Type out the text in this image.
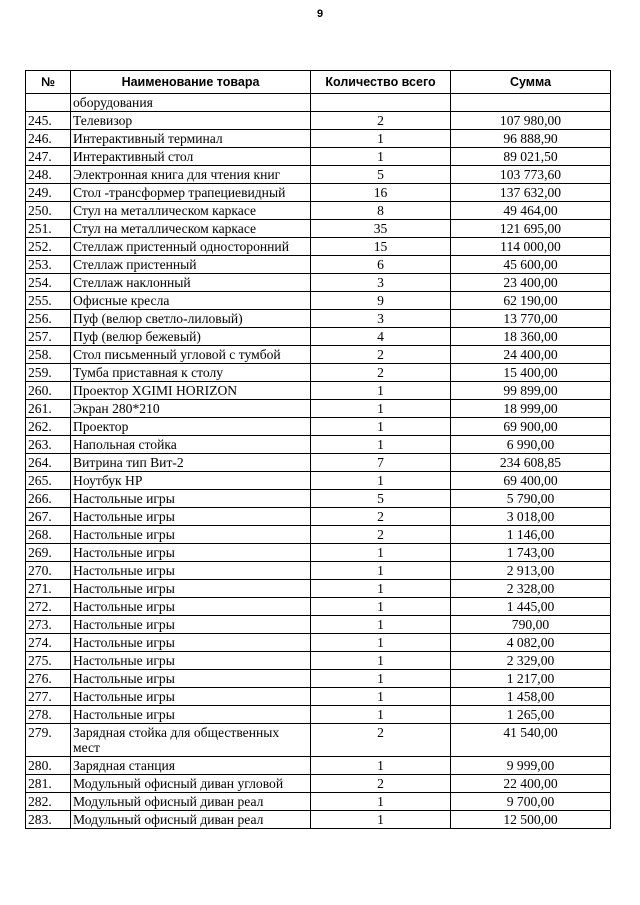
9
№	Наименование товара	Количество всего	Сумма
	оборудования		
245.	Телевизор	2	107 980,00
246.	Интерактивный терминал	1	96 888,90
247.	Интерактивный стол	1	89 021,50
248.	Электронная книга для чтения книг	5	103 773,60
249.	Стол -трансформер трапециевидный	16	137 632,00
250.	Стул на металлическом каркасе	8	49 464,00
251.	Стул на металлическом каркасе	35	121 695,00
252.	Стеллаж пристенный односторонний	15	114 000,00
253.	Стеллаж пристенный	6	45 600,00
254.	Стеллаж наклонный	3	23 400,00
255.	Офисные кресла	9	62 190,00
256.	Пуф (велюр светло-лиловый)	3	13 770,00
257.	Пуф (велюр бежевый)	4	18 360,00
258.	Стол письменный угловой с тумбой	2	24 400,00
259.	Тумба приставная к столу	2	15 400,00
260.	Проектор XGIMI HORIZON	1	99 899,00
261.	Экран 280*210	1	18 999,00
262.	Проектор	1	69 900,00
263.	Напольная стойка	1	6 990,00
264.	Витрина тип Вит-2	7	234 608,85
265.	Ноутбук HP	1	69 400,00
266.	Настольные игры	5	5 790,00
267.	Настольные игры	2	3 018,00
268.	Настольные игры	2	1 146,00
269.	Настольные игры	1	1 743,00
270.	Настольные игры	1	2 913,00
271.	Настольные игры	1	2 328,00
272.	Настольные игры	1	1 445,00
273.	Настольные игры	1	790,00
274.	Настольные игры	1	4 082,00
275.	Настольные игры	1	2 329,00
276.	Настольные игры	1	1 217,00
277.	Настольные игры	1	1 458,00
278.	Настольные игры	1	1 265,00
279.	Зарядная стойка для общественных мест	2	41 540,00
280.	Зарядная станция	1	9 999,00
281.	Модульный офисный диван угловой	2	22 400,00
282.	Модульный офисный диван реал	1	9 700,00
283.	Модульный офисный диван реал	1	12 500,00
